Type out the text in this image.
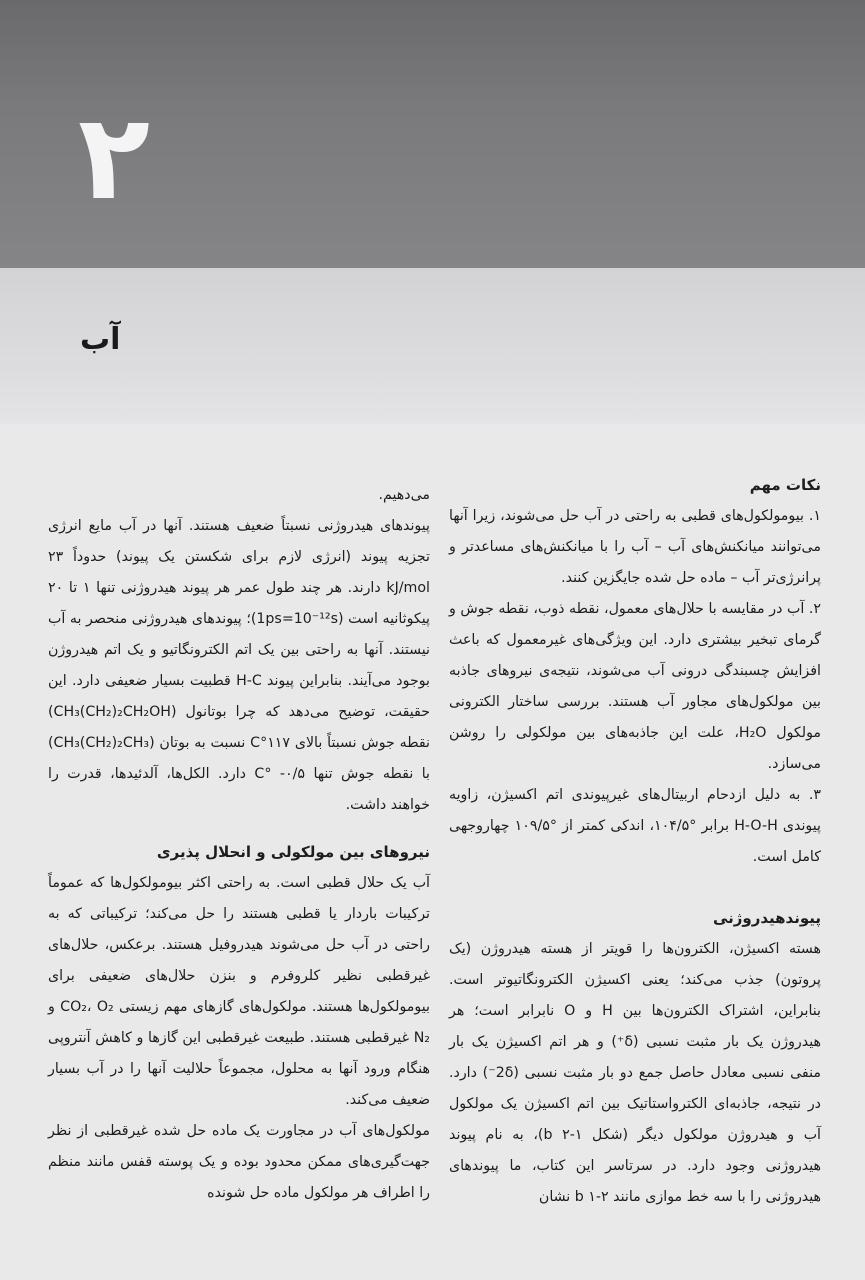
۲
آب

نکات مهم

۱. بیومولکول‌های قطبی به راحتی در آب حل می‌شوند، زیرا آنها می‌توانند میانکنش‌های آب – آب را با میانکنش‌های مساعدتر و پرانرژی‌تر آب – ماده حل شده جایگزین کنند.

۲. آب در مقایسه با حلال‌های معمول، نقطه ذوب، نقطه جوش و گرمای تبخیر بیشتری دارد. این ویژگی‌های غیرمعمول که باعث افزایش چسبندگی درونی آب می‌شوند، نتیجه‌ی نیروهای جاذبه بین مولکول‌های مجاور آب هستند. بررسی ساختار الکترونی مولکول H₂O، علت این جاذبه‌های بین مولکولی را روشن می‌سازد.

۳. به دلیل ازدحام اربیتال‌های غیرپیوندی اتم اکسیژن، زاویه پیوندی H-O-H برابر °۱۰۴/۵، اندکی کمتر از °۱۰۹/۵ چهاروجهی کامل است.

پیوندهیدروژنی

هسته اکسیژن، الکترون‌ها را قویتر از هسته هیدروژن (یک پروتون) جذب می‌کند؛ یعنی اکسیژن الکترونگاتیوتر است. بنابراین، اشتراک الکترون‌ها بین H و O نابرابر است؛ هر هیدروژن یک بار مثبت نسبی (δ⁺) و هر اتم اکسیژن یک بار منفی نسبی معادل حاصل جمع دو بار مثبت نسبی (2δ⁻) دارد. در نتیجه، جاذبه‌ای الکترواستاتیک بین اتم اکسیژن یک مولکول آب و هیدروژن مولکول دیگر (شکل ۱-۲ b)، به نام پیوند هیدروژنی وجود دارد. در سرتاسر این کتاب، ما پیوندهای هیدروژنی را با سه خط موازی مانند ۲-۱ b نشان

می‌دهیم.

پیوندهای هیدروژنی نسبتاً ضعیف هستند. آنها در آب مایع انرژی تجزیه پیوند (انرژی لازم برای شکستن یک پیوند) حدوداً ۲۳ kJ/mol دارند. هر چند طول عمر هر پیوند هیدروژنی تنها ۱ تا ۲۰ پیکوثانیه است (1ps=10⁻¹²s)؛ پیوندهای هیدروژنی منحصر به آب نیستند. آنها به راحتی بین یک اتم الکترونگاتیو و یک اتم هیدروژن بوجود می‌آیند. بنابراین پیوند H-C قطبیت بسیار ضعیفی دارد. این حقیقت، توضیح می‌دهد که چرا بوتانول (CH₃(CH₂)₂CH₂OH) نقطه جوش نسبتاً بالای ۱۱۷°C نسبت به بوتان (CH₃(CH₂)₂CH₃) با نقطه جوش تنها ۰/۵- °C دارد. الکل‌ها، آلدئیدها، قدرت را خواهند داشت.

نیروهای بین مولکولی و انحلال پذیری

آب یک حلال قطبی است. به راحتی اکثر بیومولکول‌ها که عموماً ترکیبات باردار یا قطبی هستند را حل می‌کند؛ ترکیباتی که به راحتی در آب حل می‌شوند هیدروفیل هستند. برعکس، حلال‌های غیرقطبی نظیر کلروفرم و بنزن حلال‌های ضعیفی برای بیومولکول‌ها هستند. مولکول‌های گازهای مهم زیستی CO₂، O₂ و N₂ غیرقطبی هستند. طبیعت غیرقطبی این گازها و کاهش آنتروپی هنگام ورود آنها به محلول، مجموعاً حلالیت آنها را در آب بسیار ضعیف می‌کند.

مولکول‌های آب در مجاورت یک ماده حل شده غیرقطبی از نظر جهت‌گیری‌های ممکن محدود بوده و یک پوسته قفس مانند منظم را اطراف هر مولکول ماده حل شونده
